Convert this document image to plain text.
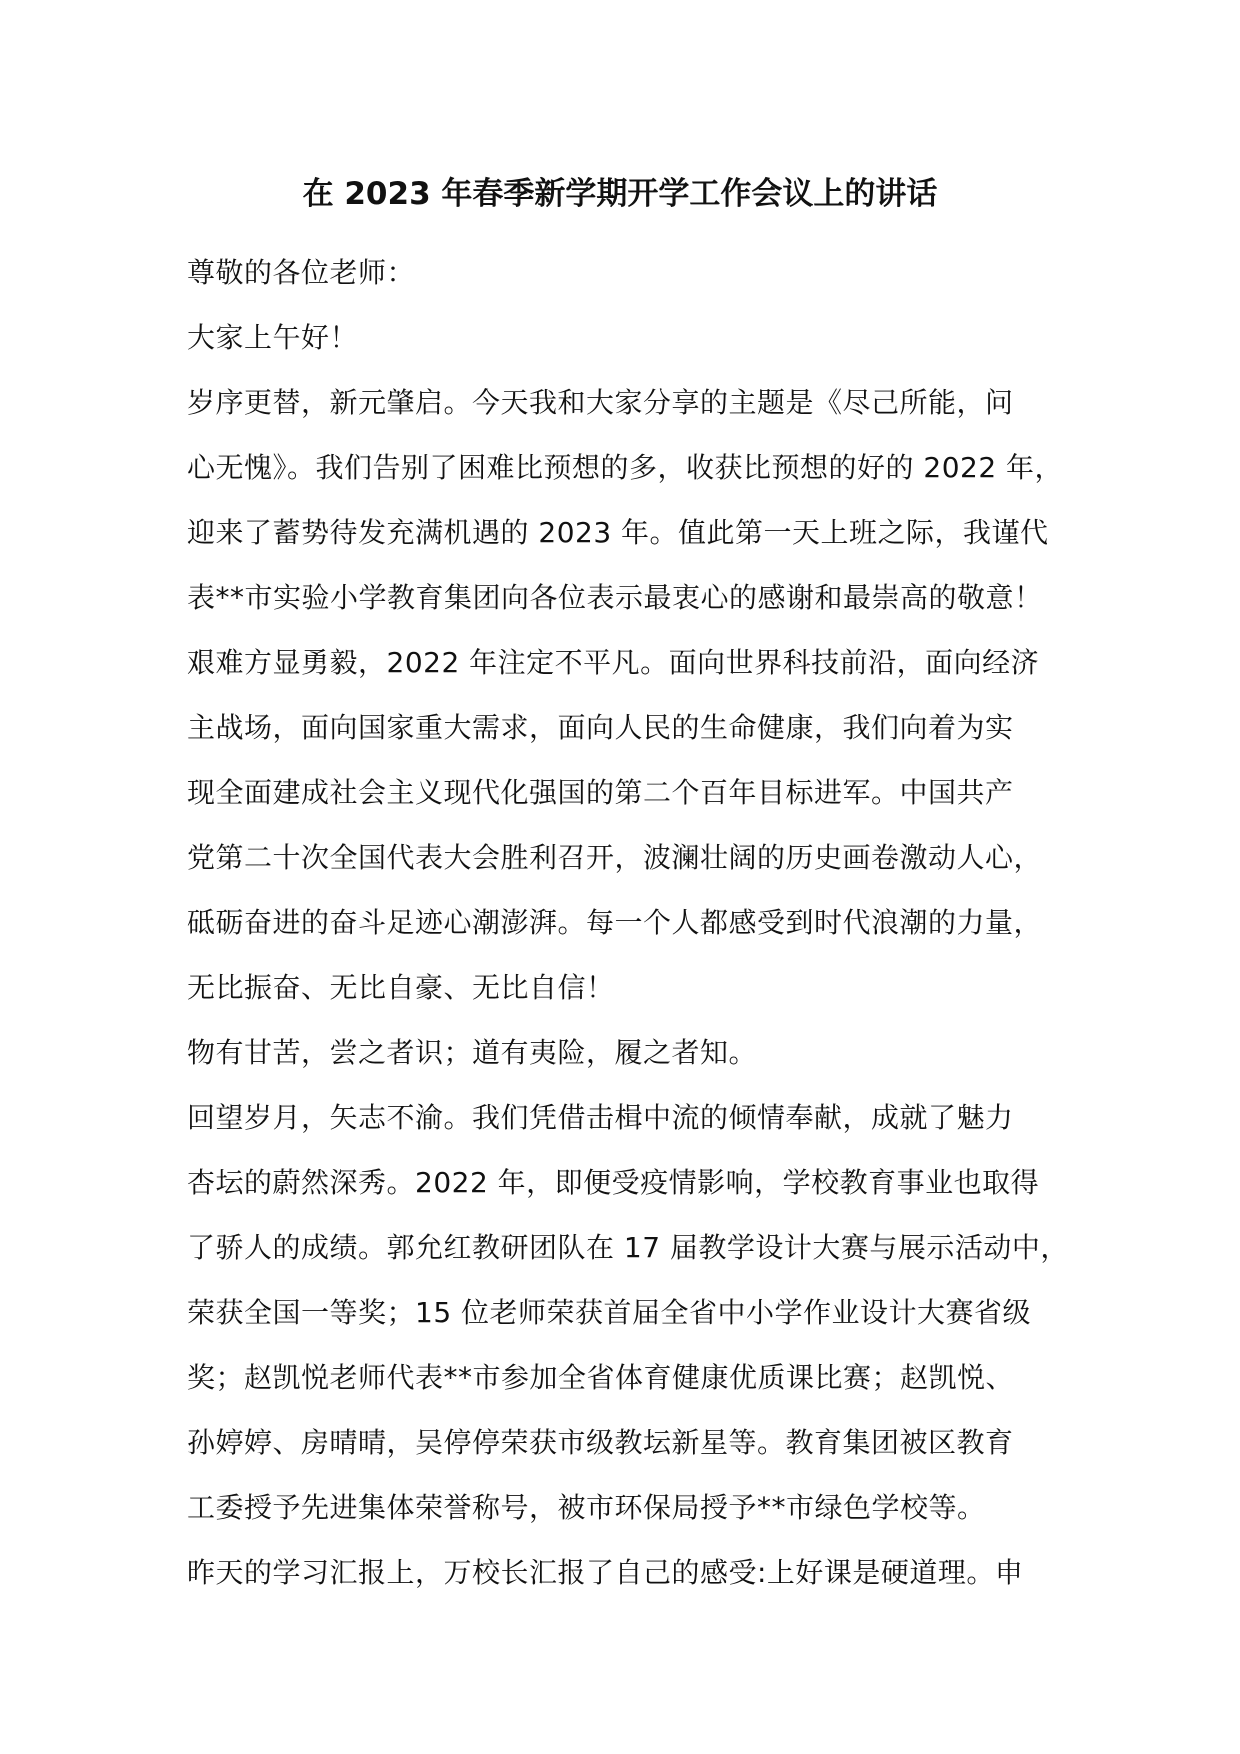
在 2023 年春季新学期开学工作会议上的讲话
尊敬的各位老师：
大家上午好！
岁序更替，新元肇启。今天我和大家分享的主题是《尽己所能，问
心无愧》。我们告别了困难比预想的多，收获比预想的好的 2022 年，
迎来了蓄势待发充满机遇的 2023 年。值此第一天上班之际，我谨代
表**市实验小学教育集团向各位表示最衷心的感谢和最崇高的敬意！
艰难方显勇毅，2022 年注定不平凡。面向世界科技前沿，面向经济
主战场，面向国家重大需求，面向人民的生命健康，我们向着为实
现全面建成社会主义现代化强国的第二个百年目标进军。中国共产
党第二十次全国代表大会胜利召开，波澜壮阔的历史画卷激动人心，
砥砺奋进的奋斗足迹心潮澎湃。每一个人都感受到时代浪潮的力量，
无比振奋、无比自豪、无比自信！
物有甘苦，尝之者识；道有夷险，履之者知。
回望岁月，矢志不渝。我们凭借击楫中流的倾情奉献，成就了魅力
杏坛的蔚然深秀。2022 年，即便受疫情影响，学校教育事业也取得
了骄人的成绩。郭允红教研团队在 17 届教学设计大赛与展示活动中，
荣获全国一等奖；15 位老师荣获首届全省中小学作业设计大赛省级
奖；赵凯悦老师代表**市参加全省体育健康优质课比赛；赵凯悦、
孙婷婷、房晴晴，吴停停荣获市级教坛新星等。教育集团被区教育
工委授予先进集体荣誉称号，被市环保局授予**市绿色学校等。
昨天的学习汇报上，万校长汇报了自己的感受:上好课是硬道理。申
